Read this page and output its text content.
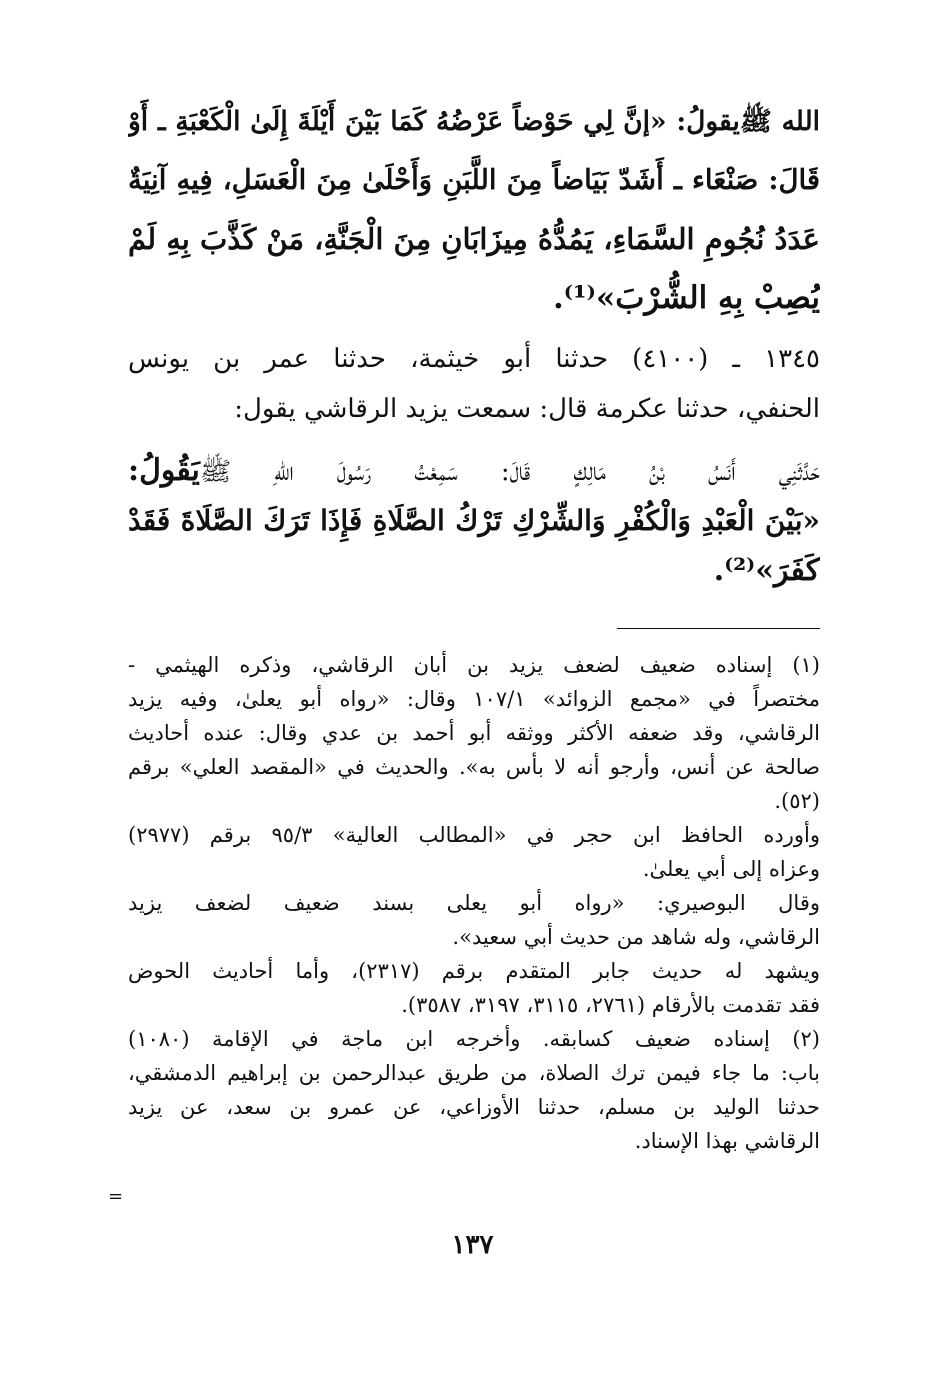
الله ﷺيقولُ: «إنَّ لِي حَوْضاً عَرْضُهُ كَمَا بَيْنَ أَيْلَةَ إِلَىٰ الْكَعْبَةِ ـ أَوْ
قَالَ: صَنْعَاء ـ أَشَدّ بَيَاضاً مِنَ اللَّبَنِ وَأَحْلَىٰ مِنَ الْعَسَلِ، فِيهِ آنِيَةٌ
عَدَدُ نُجُومِ السَّمَاءِ، يَمُدُّهُ مِيزَابَانِ مِنَ الْجَنَّةِ، مَنْ كَذَّبَ بِهِ لَمْ
يُصِبْ بِهِ الشُّرْبَ»⁽¹⁾.
١٣٤٥ ـ (٤١٠٠) حدثنا أبو خيثمة، حدثنا عمر بن يونس
الحنفي، حدثنا عكرمة قال: سمعت يزيد الرقاشي يقول:
حَدَّثَنِي أَنَسُ بْنُ مَالِكٍ قَالَ: سَمِعْتُ رَسُولَ اللهِ ﷺيَقُولُ:
«بَيْنَ الْعَبْدِ وَالْكُفْرِ وَالشِّرْكِ تَرْكُ الصَّلَاةِ فَإِذَا تَرَكَ الصَّلَاةَ فَقَدْ
كَفَرَ»⁽²⁾.

(١) إسناده ضعيف لضعف يزيد بن أبان الرقاشي، وذكره الهيثمي -
مختصراً في «مجمع الزوائد» ١٠٧/١ وقال: «رواه أبو يعلىٰ، وفيه يزيد
الرقاشي، وقد ضعفه الأكثر ووثقه أبو أحمد بن عدي وقال: عنده أحاديث
صالحة عن أنس، وأرجو أنه لا بأس به». والحديث في «المقصد العلي» برقم
(٥٢).

وأورده الحافظ ابن حجر في «المطالب العالية» ٩٥/٣ برقم (٢٩٧٧)
وعزاه إلى أبي يعلىٰ.

وقال البوصيري: «رواه أبو يعلى بسند ضعيف لضعف يزيد
الرقاشي، وله شاهد من حديث أبي سعيد».

ويشهد له حديث جابر المتقدم برقم (٢٣١٧)، وأما أحاديث الحوض
فقد تقدمت بالأرقام (٢٧٦١، ٣١١٥، ٣١٩٧، ٣٥٨٧).

(٢) إسناده ضعيف كسابقه. وأخرجه ابن ماجة في الإقامة (١٠٨٠)
باب: ما جاء فيمن ترك الصلاة، من طريق عبدالرحمن بن إبراهيم الدمشقي،
حدثنا الوليد بن مسلم، حدثنا الأوزاعي، عن عمرو بن سعد، عن يزيد
الرقاشي بهذا الإسناد.

=
١٣٧
